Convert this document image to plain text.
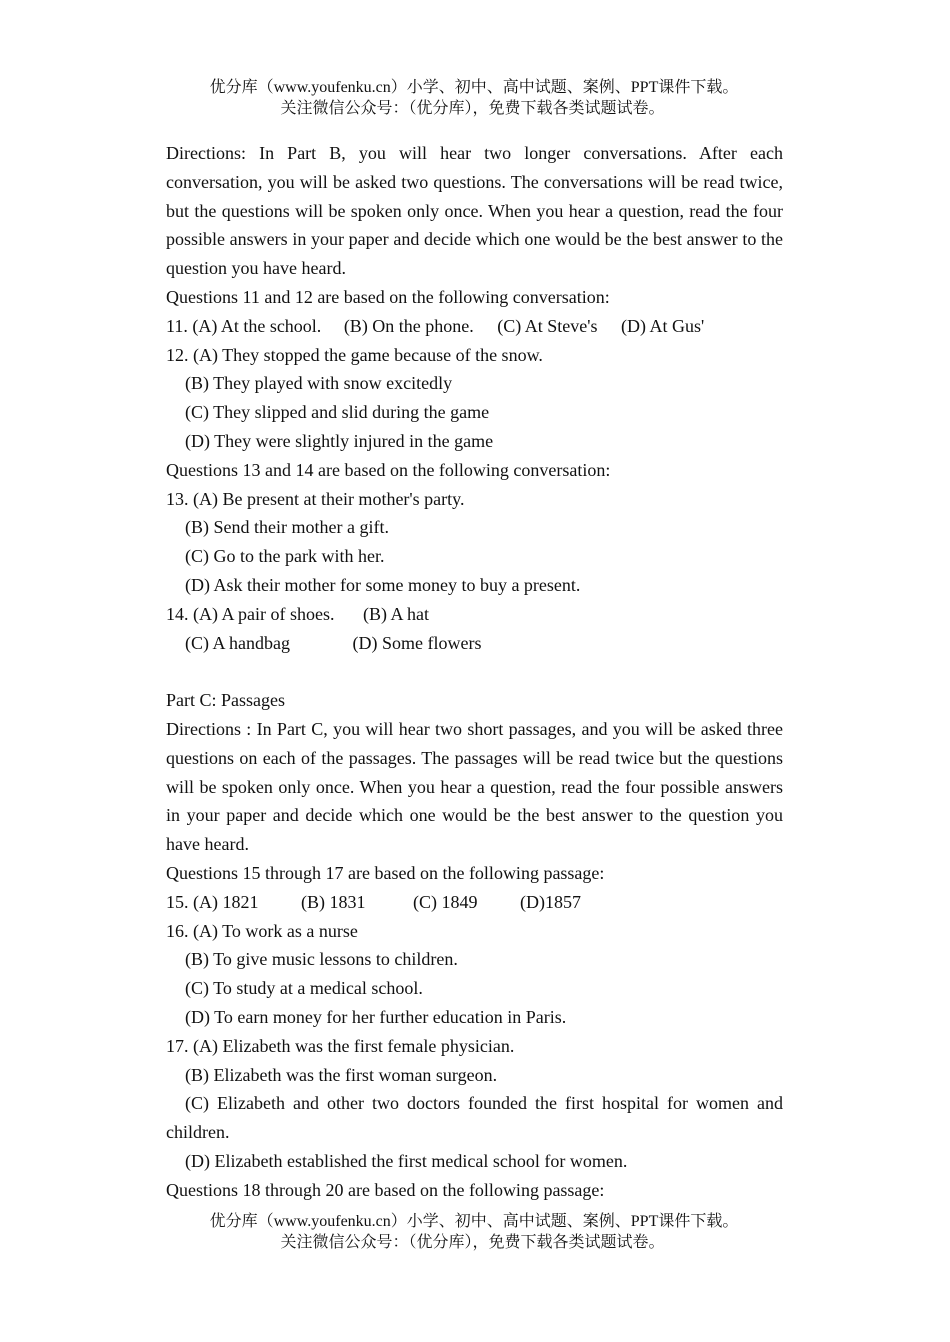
优分库（www.youfenku.cn）小学、初中、高中试题、案例、PPT课件下载。
关注微信公众号：（优分库），免费下载各类试题试卷。
Directions: In Part B, you will hear two longer conversations. After each conversation, you will be asked two questions. The conversations will be read twice, but the questions will be spoken only once. When you hear a question, read the four possible answers in your paper and decide which one would be the best answer to the question you have heard.
Questions 11 and 12 are based on the following conversation:
11. (A) At the school. (B) On the phone. (C) At Steve's (D) At Gus'
12. (A) They stopped the game because of the snow.
(B) They played with snow excitedly
(C) They slipped and slid during the game
(D) They were slightly injured in the game
Questions 13 and 14 are based on the following conversation:
13. (A) Be present at their mother's party.
(B) Send their mother a gift.
(C) Go to the park with her.
(D) Ask their mother for some money to buy a present.
14. (A) A pair of shoes. (B) A hat
(C) A handbag	(D) Some flowers
Part C: Passages
Directions : In Part C, you will hear two short passages, and you will be asked three questions on each of the passages. The passages will be read twice but the questions will be spoken only once. When you hear a question, read the four possible answers in your paper and decide which one would be the best answer to the question you have heard.
Questions 15 through 17 are based on the following passage:
15. (A) 1821 (B) 1831	(C) 1849 (D)1857
16. (A) To work as a nurse
(B) To give music lessons to children.
(C) To study at a medical school.
(D) To earn money for her further education in Paris.
17. (A) Elizabeth was the first female physician.
(B) Elizabeth was the first woman surgeon.
(C) Elizabeth and other two doctors founded the first hospital for women and children.
(D) Elizabeth established the first medical school for women.
Questions 18 through 20 are based on the following passage:
优分库（www.youfenku.cn）小学、初中、高中试题、案例、PPT课件下载。
关注微信公众号：（优分库），免费下载各类试题试卷。
